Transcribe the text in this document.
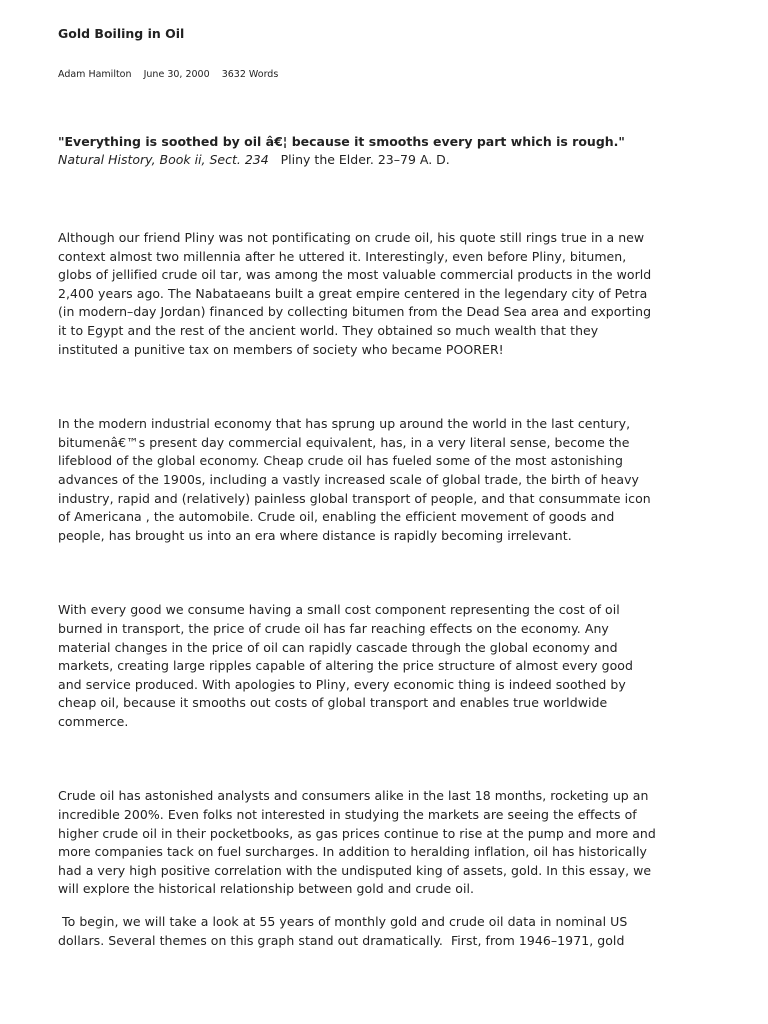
Gold Boiling in Oil
Adam Hamilton June 30, 2000 3632 Words
"Everything is soothed by oil â€¦ because it smooths every part which is rough."
Natural History, Book ii, Sect. 234 Pliny the Elder. 23–79 A. D.

Although our friend Pliny was not pontificating on crude oil, his quote still rings true in a new context almost two millennia after he uttered it. Interestingly, even before Pliny, bitumen, globs of jellified crude oil tar, was among the most valuable commercial products in the world 2,400 years ago. The Nabataeans built a great empire centered in the legendary city of Petra (in modern–day Jordan) financed by collecting bitumen from the Dead Sea area and exporting it to Egypt and the rest of the ancient world. They obtained so much wealth that they instituted a punitive tax on members of society who became POORER!

In the modern industrial economy that has sprung up around the world in the last century, bitumenâ€™s present day commercial equivalent, has, in a very literal sense, become the lifeblood of the global economy. Cheap crude oil has fueled some of the most astonishing advances of the 1900s, including a vastly increased scale of global trade, the birth of heavy industry, rapid and (relatively) painless global transport of people, and that consummate icon of Americana , the automobile. Crude oil, enabling the efficient movement of goods and people, has brought us into an era where distance is rapidly becoming irrelevant.

With every good we consume having a small cost component representing the cost of oil burned in transport, the price of crude oil has far reaching effects on the economy. Any material changes in the price of oil can rapidly cascade through the global economy and markets, creating large ripples capable of altering the price structure of almost every good and service produced. With apologies to Pliny, every economic thing is indeed soothed by cheap oil, because it smooths out costs of global transport and enables true worldwide commerce.

Crude oil has astonished analysts and consumers alike in the last 18 months, rocketing up an incredible 200%. Even folks not interested in studying the markets are seeing the effects of higher crude oil in their pocketbooks, as gas prices continue to rise at the pump and more and more companies tack on fuel surcharges. In addition to heralding inflation, oil has historically had a very high positive correlation with the undisputed king of assets, gold. In this essay, we will explore the historical relationship between gold and crude oil.

To begin, we will take a look at 55 years of monthly gold and crude oil data in nominal US dollars. Several themes on this graph stand out dramatically.  First, from 1946–1971, gold
